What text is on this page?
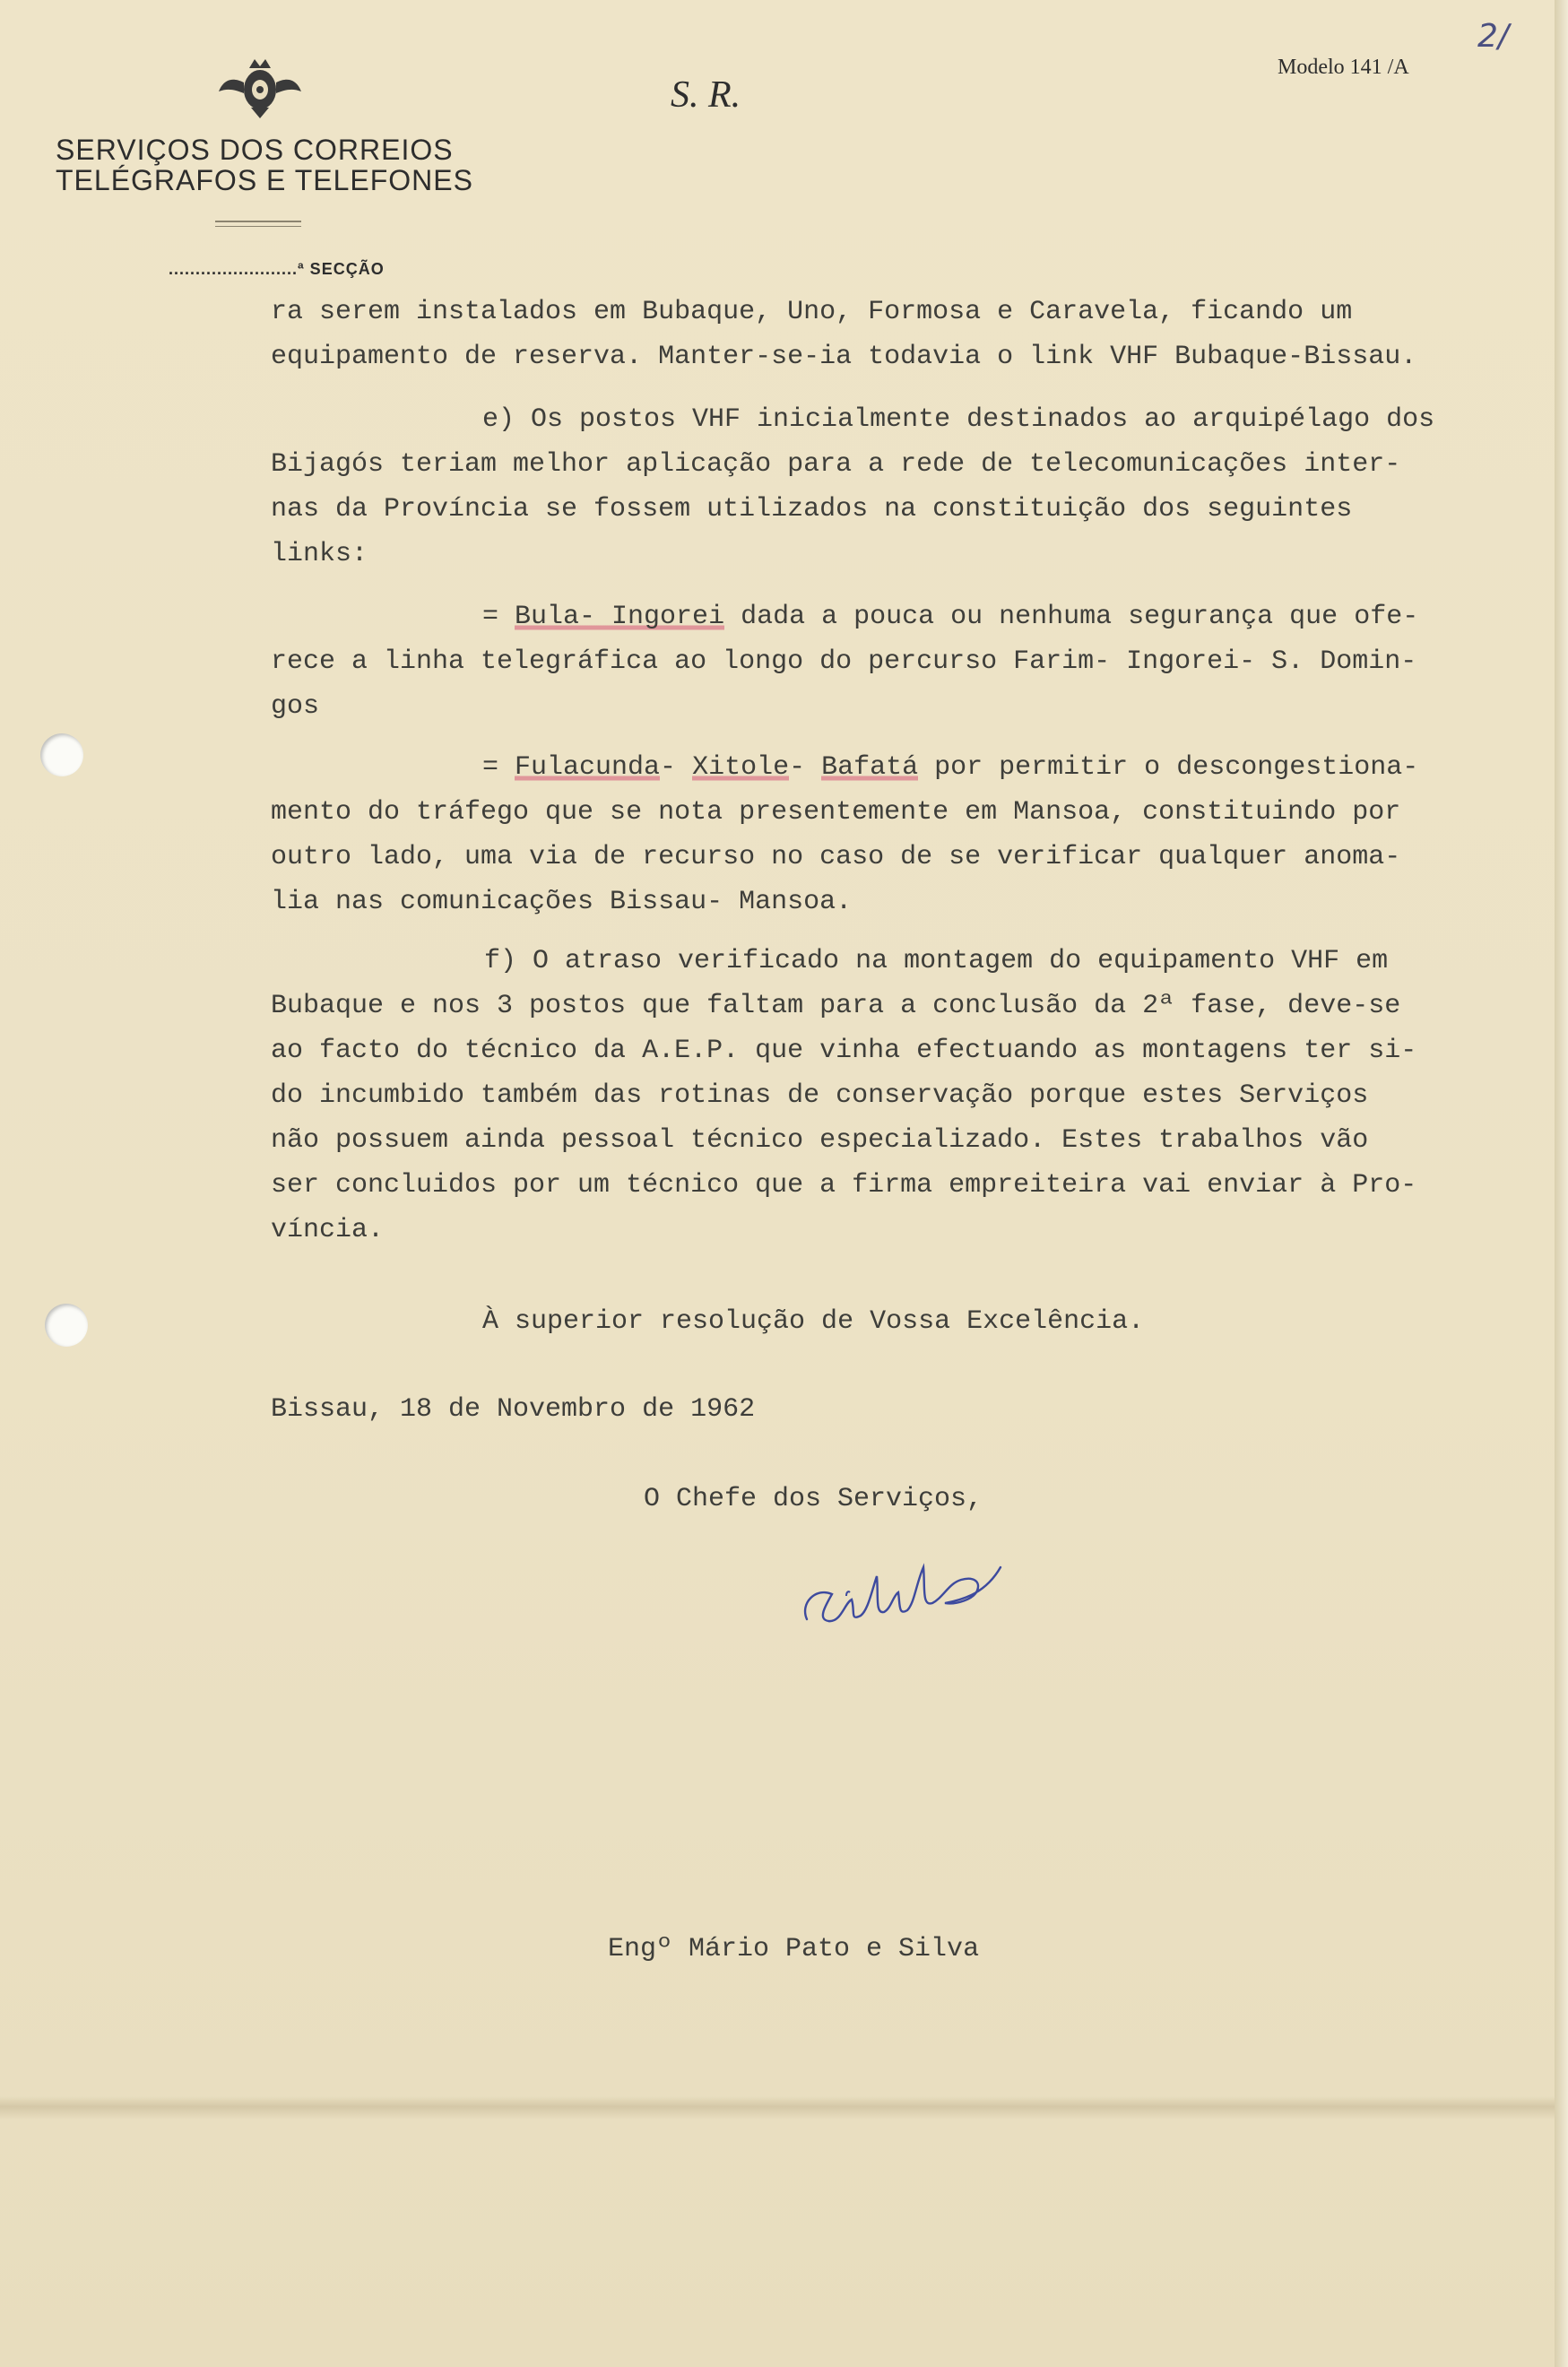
SERVIÇOS DOS CORREIOS
TELÉGRAFOS E TELEFONES
S. R.
Modelo 141 /A
2/
........................ª SECÇÃO
ra serem instalados em Bubaque, Uno, Formosa e Caravela, ficando um
equipamento de reserva. Manter-se-ia todavia o link VHF Bubaque-Bissau.
e) Os postos VHF inicialmente destinados ao arquipélago dos
Bijagós teriam melhor aplicação para a rede de telecomunicações inter-
nas da Província se fossem utilizados na constituição dos seguintes
links:
= Bula- Ingorei dada a pouca ou nenhuma segurança que ofe-
rece a linha telegráfica ao longo do percurso Farim- Ingorei- S. Domin-
gos
= Fulacunda- Xitole- Bafatá por permitir o descongestiona-
mento do tráfego que se nota presentemente em Mansoa, constituindo por
outro lado, uma via de recurso no caso de se verificar qualquer anoma-
lia nas comunicações Bissau- Mansoa.
f) O atraso verificado na montagem do equipamento VHF em
Bubaque e nos 3 postos que faltam para a conclusão da 2ª fase, deve-se
ao facto do técnico da A.E.P. que vinha efectuando as montagens ter si-
do incumbido também das rotinas de conservação porque estes Serviços
não possuem ainda pessoal técnico especializado. Estes trabalhos vão
ser concluidos por um técnico que a firma empreiteira vai enviar à Pro-
víncia.
À superior resolução de Vossa Excelência.
Bissau, 18 de Novembro de 1962
O Chefe dos Serviços,
Engº Mário Pato e Silva
